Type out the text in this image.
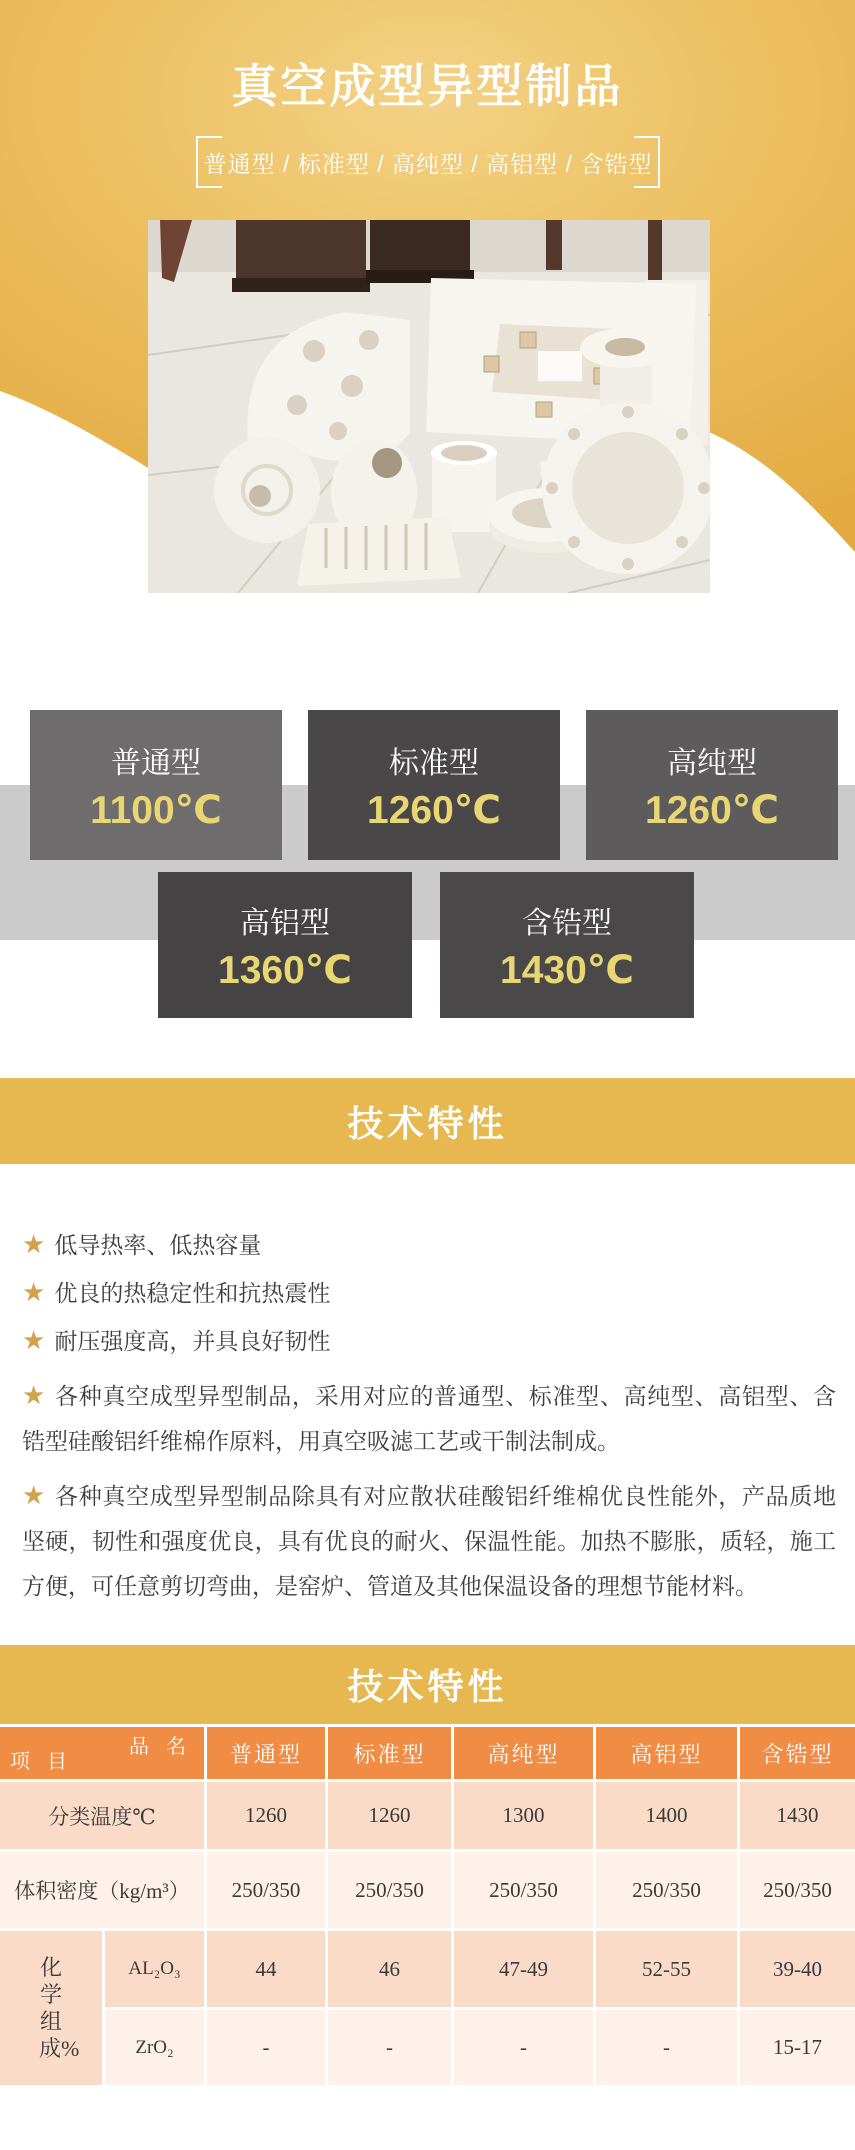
真空成型异型制品
普通型 / 标准型 / 高纯型 / 高铝型 / 含锆型
普通型
1100℃
标准型
1260℃
高纯型
1260℃
高铝型
1360℃
含锆型
1430℃
技术特性
★ 低导热率、低热容量
★ 优良的热稳定性和抗热震性
★ 耐压强度高，并具良好韧性
★ 各种真空成型异型制品，采用对应的普通型、标准型、高纯型、高铝型、含锆型硅酸铝纤维棉作原料，用真空吸滤工艺或干制法制成。
★ 各种真空成型异型制品除具有对应散状硅酸铝纤维棉优良性能外，产品质地坚硬，韧性和强度优良，具有优良的耐火、保温性能。加热不膨胀，质轻，施工方便，可任意剪切弯曲，是窑炉、管道及其他保温设备的理想节能材料。
技术特性
品 名
项 目	普通型	标准型	高纯型	高铝型	含锆型
分类温度℃	1260	1260	1300	1400	1430
体积密度（kg/m³）	250/350	250/350	250/350	250/350	250/350
化学组成%
AL₂O₃	44	46	47-49	52-55	39-40
ZrO₂	-	-	-	-	15-17
